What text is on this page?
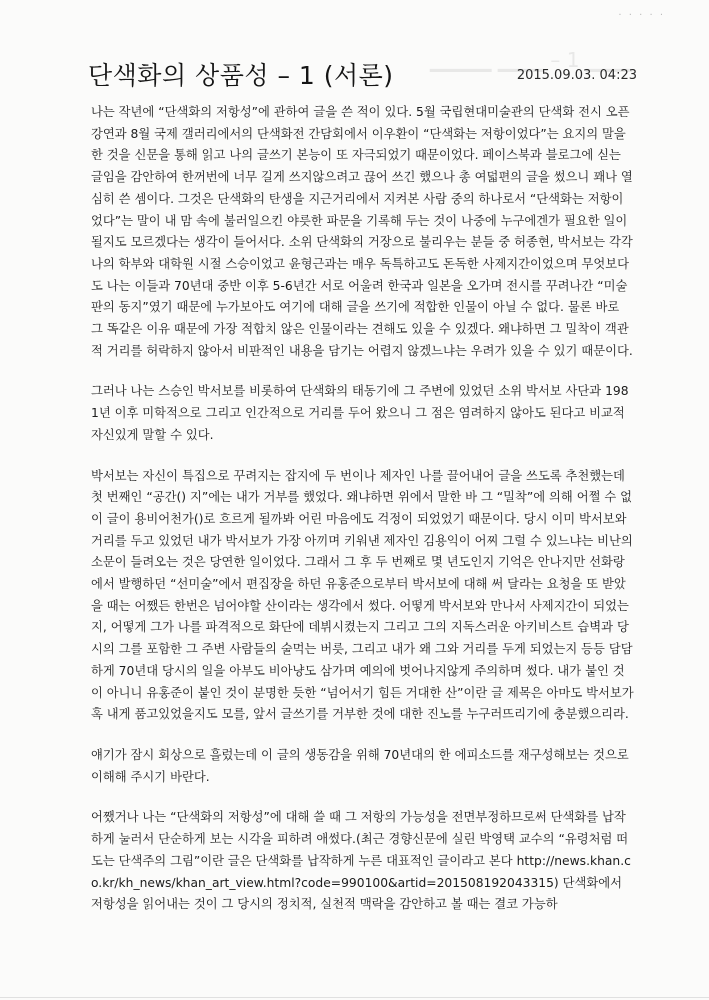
· · · · ·
▁▁▁▁ ▁▁▁ – 1 ▁▁▁
단색화의 상품성 – 1 (서론)	2015.09.03. 04:23

나는 작년에 “단색화의 저항성”에 관하여 글을 쓴 적이 있다. 5월 국립현대미술관의 단색화 전시 오픈강연과 8월 국제 갤러리에서의 단색화전 간담회에서 이우환이 “단색화는 저항이었다”는 요지의 말을 한 것을 신문을 통해 읽고 나의 글쓰기 본능이 또 자극되었기 때문이었다. 페이스북과 블로그에 싣는 글임을 감안하여 한꺼번에 너무 길게 쓰지않으려고 끊어 쓰긴 했으나 총 여덟편의 글을 썼으니 꽤나 열심히 쓴 셈이다. 그것은 단색화의 탄생을 지근거리에서 지켜본 사람 중의 하나로서 “단색화는 저항이었다”는 말이 내 맘 속에 불러일으킨 야릇한 파문을 기록해 두는 것이 나중에 누구에겐가 필요한 일이 될지도 모르겠다는 생각이 들어서다. 소위 단색화의 거장으로 불리우는 분들 중 허종현, 박서보는 각각 나의 학부와 대학원 시절 스승이었고 윤형근과는 매우 독특하고도 돈독한 사제지간이었으며 무엇보다도 나는 이들과 70년대 중반 이후 5-6년간 서로 어울려 한국과 일본을 오가며 전시를 꾸려나간 “미술판의 동지”였기 때문에 누가보아도 여기에 대해 글을 쓰기에 적합한 인물이 아닐 수 없다. 물론 바로 그 똑같은 이유 때문에 가장 적합치 않은 인물이라는 견해도 있을 수 있겠다. 왜냐하면 그 밀착이 객관적 거리를 허락하지 않아서 비판적인 내용을 담기는 어렵지 않겠느냐는 우려가 있을 수 있기 때문이다.

그러나 나는 스승인 박서보를 비롯하여 단색화의 태동기에 그 주변에 있었던 소위 박서보 사단과 1981년 이후 미학적으로 그리고 인간적으로 거리를 두어 왔으니 그 점은 염려하지 않아도 된다고 비교적 자신있게 말할 수 있다.

박서보는 자신이 특집으로 꾸려지는 잡지에 두 번이나 제자인 나를 끌어내어 글을 쓰도록 추천했는데 첫 번째인 “공간() 지”에는 내가 거부를 했었다. 왜냐하면 위에서 말한 바 그 “밀착”에 의해 어쩔 수 없이 글이 용비어천가()로 흐르게 될까봐 어린 마음에도 걱정이 되었었기 때문이다. 당시 이미 박서보와 거리를 두고 있었던 내가 박서보가 가장 아끼며 키워낸 제자인 김용익이 어찌 그럴 수 있느냐는 비난의 소문이 들려오는 것은 당연한 일이었다. 그래서 그 후 두 번째로 몇 년도인지 기억은 안나지만 선화랑에서 발행하던 “선미술”에서 편집장을 하던 유홍준으로부터 박서보에 대해 써 달라는 요청을 또 받았을 때는 어쨌든 한번은 넘어야할 산이라는 생각에서 썼다. 어떻게 박서보와 만나서 사제지간이 되었는지, 어떻게 그가 나를 파격적으로 화단에 데뷔시켰는지 그리고 그의 지독스러운 아키비스트 습벽과 당시의 그를 포함한 그 주변 사람들의 술먹는 버릇, 그리고 내가 왜 그와 거리를 두게 되었는지 등등 담담하게 70년대 당시의 일을 아부도 비아냥도 삼가며 예의에 벗어나지않게 주의하며 썼다. 내가 붙인 것이 아니니 유홍준이 붙인 것이 분명한 듯한 “넘어서기 힘든 거대한 산”이란 글 제목은 아마도 박서보가 혹 내게 품고있었을지도 모를, 앞서 글쓰기를 거부한 것에 대한 진노를 누구러뜨리기에 충분했으리라.

얘기가 잠시 회상으로 흘렀는데 이 글의 생동감을 위해 70년대의 한 에피소드를 재구성해보는 것으로 이해해 주시기 바란다.

어쨌거나 나는 “단색화의 저항성”에 대해 쓸 때 그 저항의 가능성을 전면부정하므로써 단색화를 납작하게 눌러서 단순하게 보는 시각을 피하려 애썼다.(최근 경향신문에 실린 박영택 교수의 “유령처럼 떠도는 단색주의 그림”이란 글은 단색화를 납작하게 누른 대표적인 글이라고 본다 http://news.khan.co.kr/kh_news/khan_art_view.html?code=990100&artid=201508192043315) 단색화에서 저항성을 읽어내는 것이 그 당시의 정치적, 실천적 맥락을 감안하고 볼 때는 결코 가능하
